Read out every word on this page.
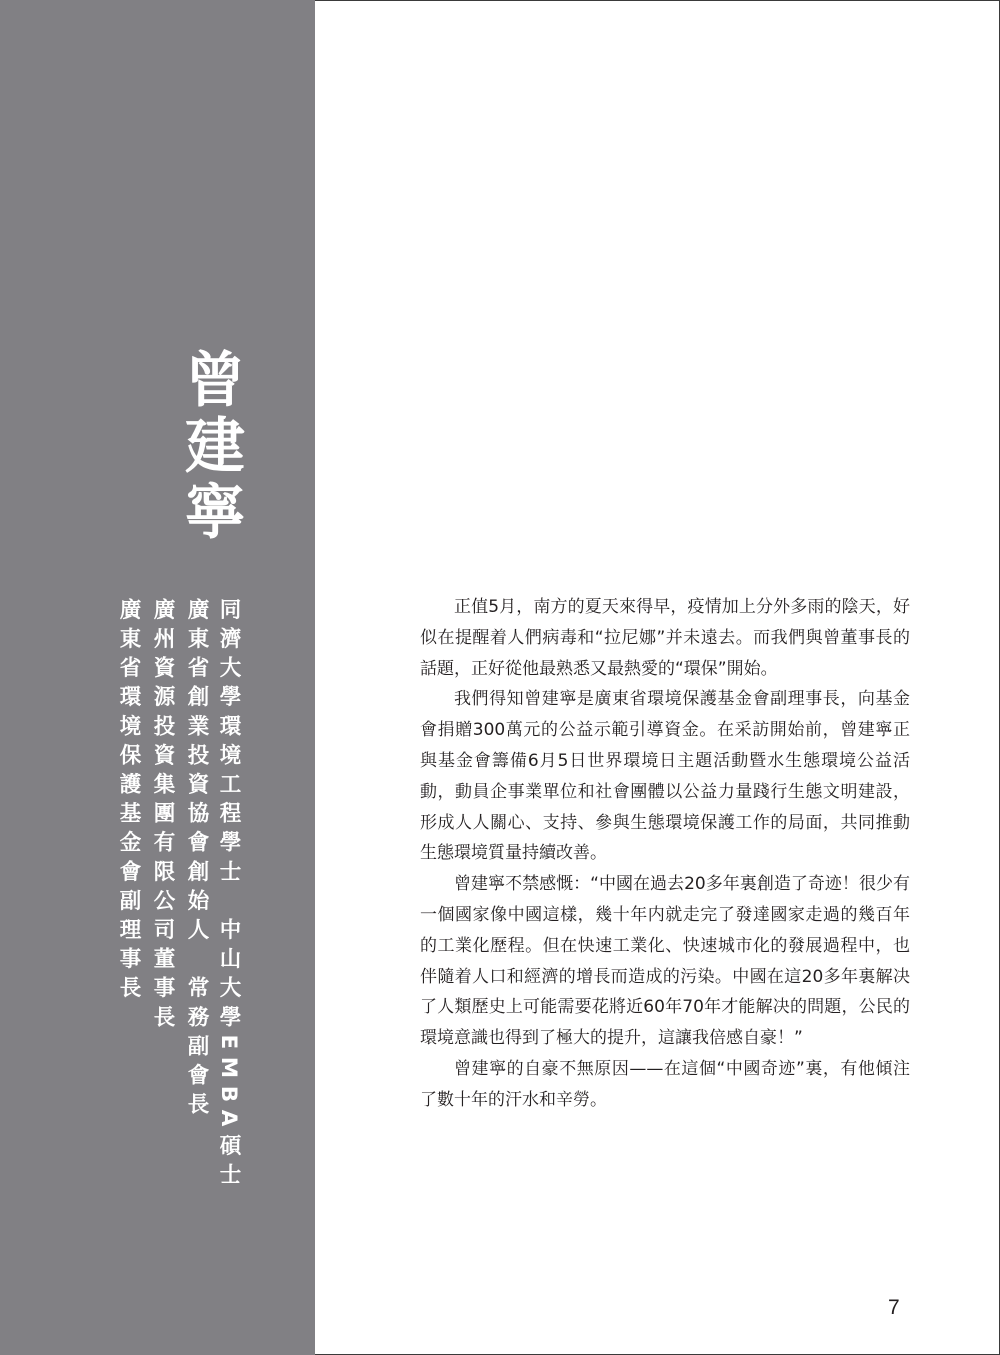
曾建寧
同濟大學環境工程學士　中山大學EMBA碩士
廣東省創業投資協會創始人　常務副會長
廣州資源投資集團有限公司董事長
廣東省環境保護基金會副理事長	正值5月，南方的夏天來得早，疫情加上分外多雨的陰天，好似在提醒着人們病毒和“拉尼娜”并未遠去。而我們與曾董事長的話題，正好從他最熟悉又最熱愛的“環保”開始。

我們得知曾建寧是廣東省環境保護基金會副理事長，向基金會捐贈300萬元的公益示範引導資金。在采訪開始前，曾建寧正與基金會籌備6月5日世界環境日主題活動暨水生態環境公益活動，動員企事業單位和社會團體以公益力量踐行生態文明建設，形成人人關心、支持、參與生態環境保護工作的局面，共同推動生態環境質量持續改善。

曾建寧不禁感慨：“中國在過去20多年裏創造了奇迹！很少有一個國家像中國這樣，幾十年内就走完了發達國家走過的幾百年的工業化歷程。但在快速工業化、快速城市化的發展過程中，也伴隨着人口和經濟的增長而造成的污染。中國在這20多年裏解决了人類歷史上可能需要花將近60年70年才能解决的問題，公民的環境意識也得到了極大的提升，這讓我倍感自豪！”

曾建寧的自豪不無原因——在這個“中國奇迹”裏，有他傾注了數十年的汗水和辛勞。

7
